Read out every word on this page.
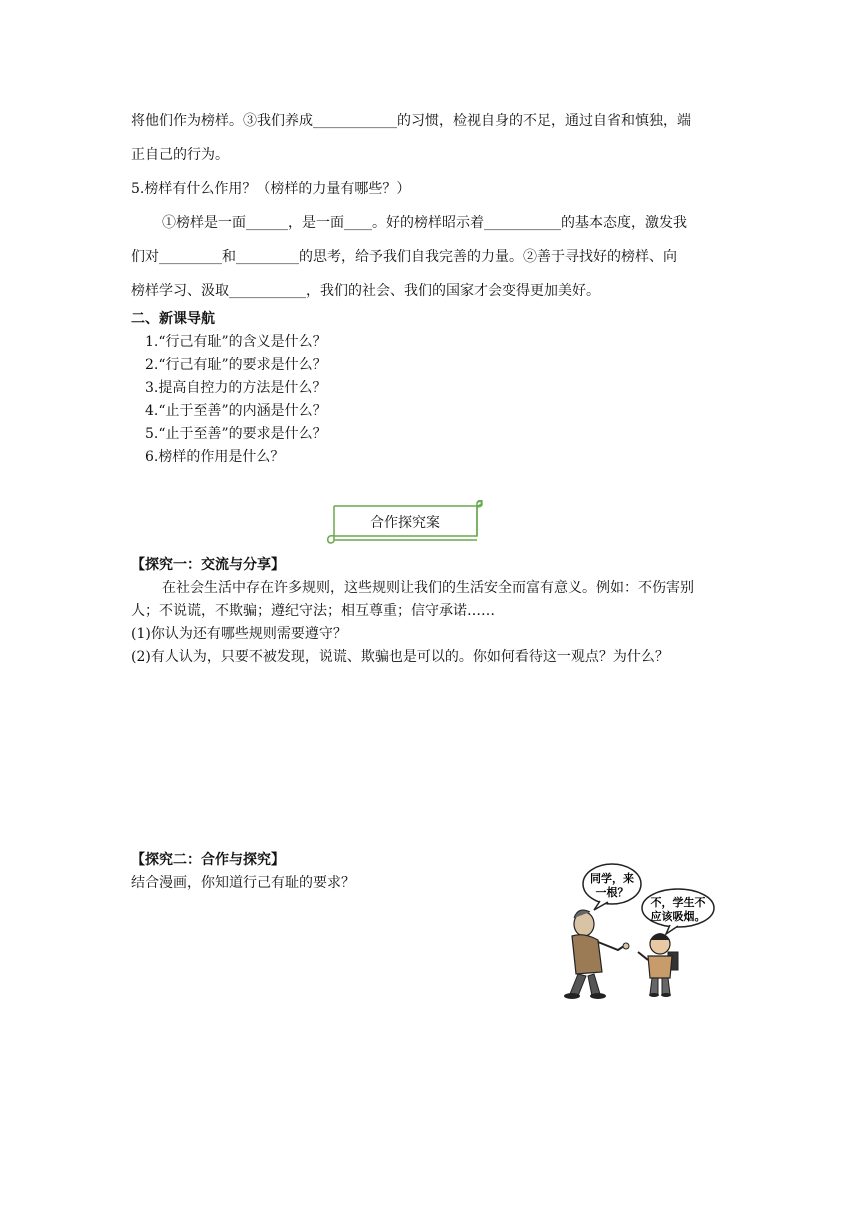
将他们作为榜样。③我们养成____________的习惯，检视自身的不足，通过自省和慎独，端
正自己的行为。
5.榜样有什么作用？（榜样的力量有哪些？）
①榜样是一面______，是一面____。好的榜样昭示着___________的基本态度，激发我
们对_________和_________的思考，给予我们自我完善的力量。②善于寻找好的榜样、向
榜样学习、汲取___________，我们的社会、我们的国家才会变得更加美好。
二、新课导航
1.“行己有耻”的含义是什么？
2.“行己有耻”的要求是什么？
3.提高自控力的方法是什么？
4.“止于至善”的内涵是什么？
5.“止于至善”的要求是什么？
6.榜样的作用是什么？
合作探究案
【探究一：交流与分享】
在社会生活中存在许多规则，这些规则让我们的生活安全而富有意义。例如：不伤害别
人；不说谎，不欺骗；遵纪守法；相互尊重；信守承诺……
(1)你认为还有哪些规则需要遵守？
(2)有人认为，只要不被发现，说谎、欺骗也是可以的。你如何看待这一观点？为什么？
【探究二：合作与探究】
结合漫画，你知道行己有耻的要求？	同学，来
一根？
不，学生不
应该吸烟。
